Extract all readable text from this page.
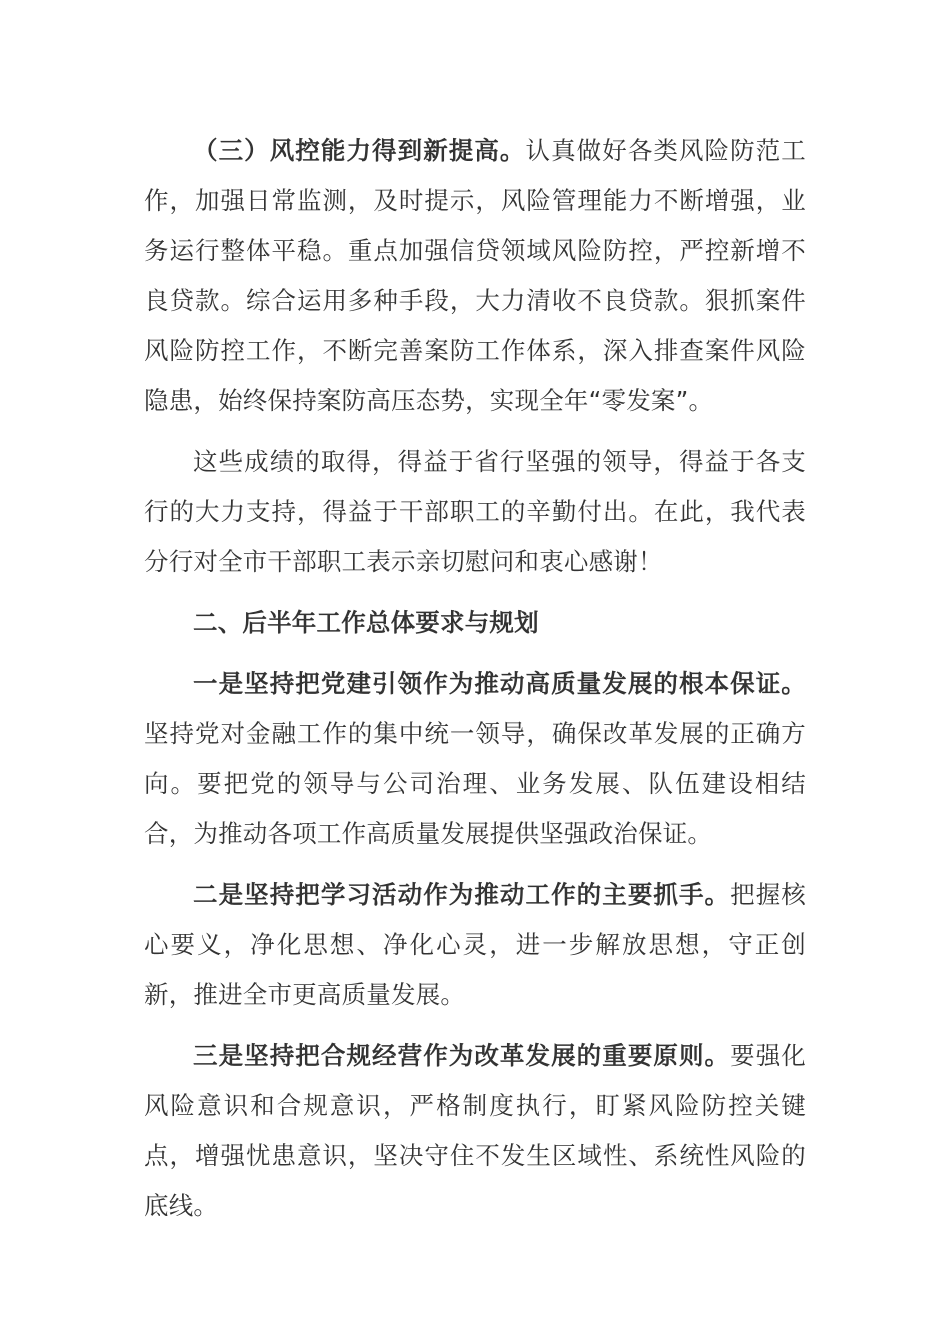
（三）风控能力得到新提高。认真做好各类风险防范工作，加强日常监测，及时提示，风险管理能力不断增强，业务运行整体平稳。重点加强信贷领域风险防控，严控新增不良贷款。综合运用多种手段，大力清收不良贷款。狠抓案件风险防控工作，不断完善案防工作体系，深入排查案件风险隐患，始终保持案防高压态势，实现全年“零发案”。

这些成绩的取得，得益于省行坚强的领导，得益于各支行的大力支持，得益于干部职工的辛勤付出。在此，我代表分行对全市干部职工表示亲切慰问和衷心感谢！

二、后半年工作总体要求与规划

一是坚持把党建引领作为推动高质量发展的根本保证。坚持党对金融工作的集中统一领导，确保改革发展的正确方向。要把党的领导与公司治理、业务发展、队伍建设相结合，为推动各项工作高质量发展提供坚强政治保证。

二是坚持把学习活动作为推动工作的主要抓手。把握核心要义，净化思想、净化心灵，进一步解放思想，守正创新，推进全市更高质量发展。

三是坚持把合规经营作为改革发展的重要原则。要强化风险意识和合规意识，严格制度执行，盯紧风险防控关键点，增强忧患意识，坚决守住不发生区域性、系统性风险的底线。
